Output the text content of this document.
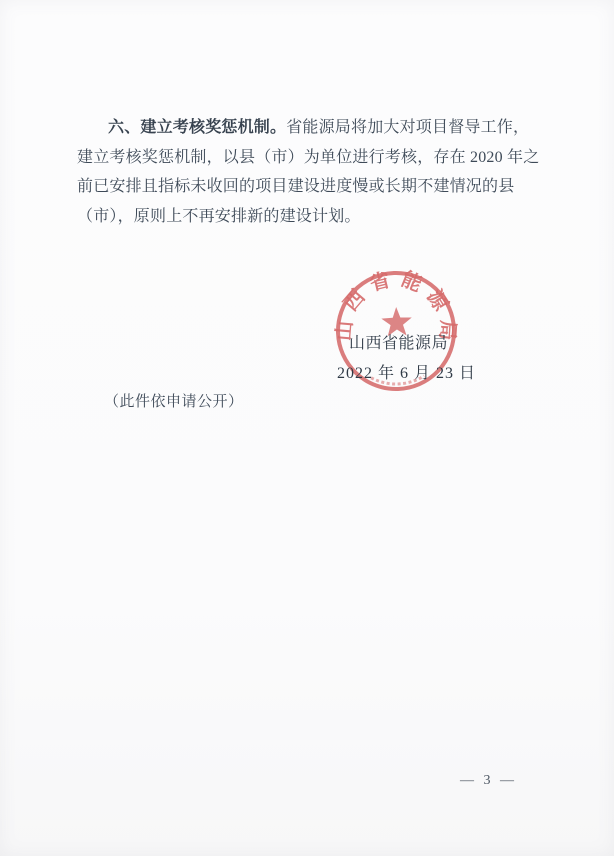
六、建立考核奖惩机制。省能源局将加大对项目督导工作，
建立考核奖惩机制，以县（市）为单位进行考核，存在 2020 年之
前已安排且指标未收回的项目建设进度慢或长期不建情况的县
（市），原则上不再安排新的建设计划。
山西省能源局
山西省能源局
2022 年 6 月 23 日
（此件依申请公开）
— 3 —
